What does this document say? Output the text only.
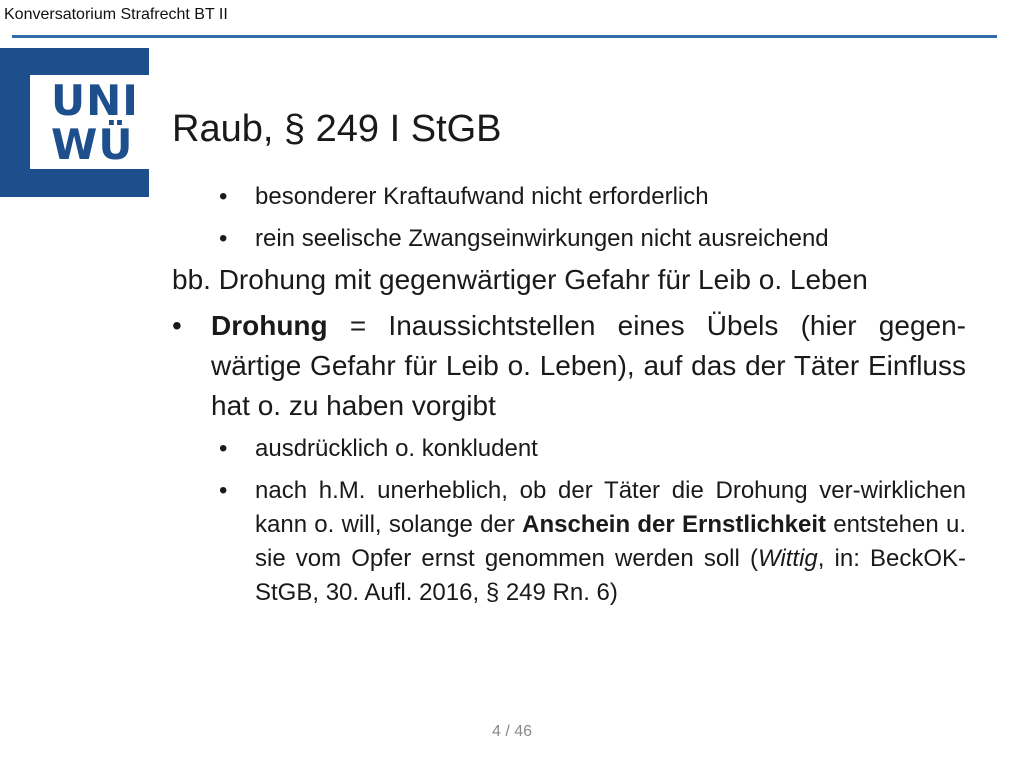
Konversatorium Strafrecht BT II
UNI
WÜ	Raub, § 249 I StGB
• besonderer Kraftaufwand nicht erforderlich
• rein seelische Zwangseinwirkungen nicht ausreichend
bb. Drohung mit gegenwärtiger Gefahr für Leib o. Leben
• Drohung = Inaussichtstellen eines Übels (hier gegen-wärtige Gefahr für Leib o. Leben), auf das der Täter Einfluss hat o. zu haben vorgibt
• ausdrücklich o. konkludent
• nach h.M. unerheblich, ob der Täter die Drohung ver-wirklichen kann o. will, solange der Anschein der Ernstlichkeit entstehen u. sie vom Opfer ernst genommen werden soll (Wittig, in: BeckOK-StGB, 30. Aufl. 2016, § 249 Rn. 6)
4 / 46
